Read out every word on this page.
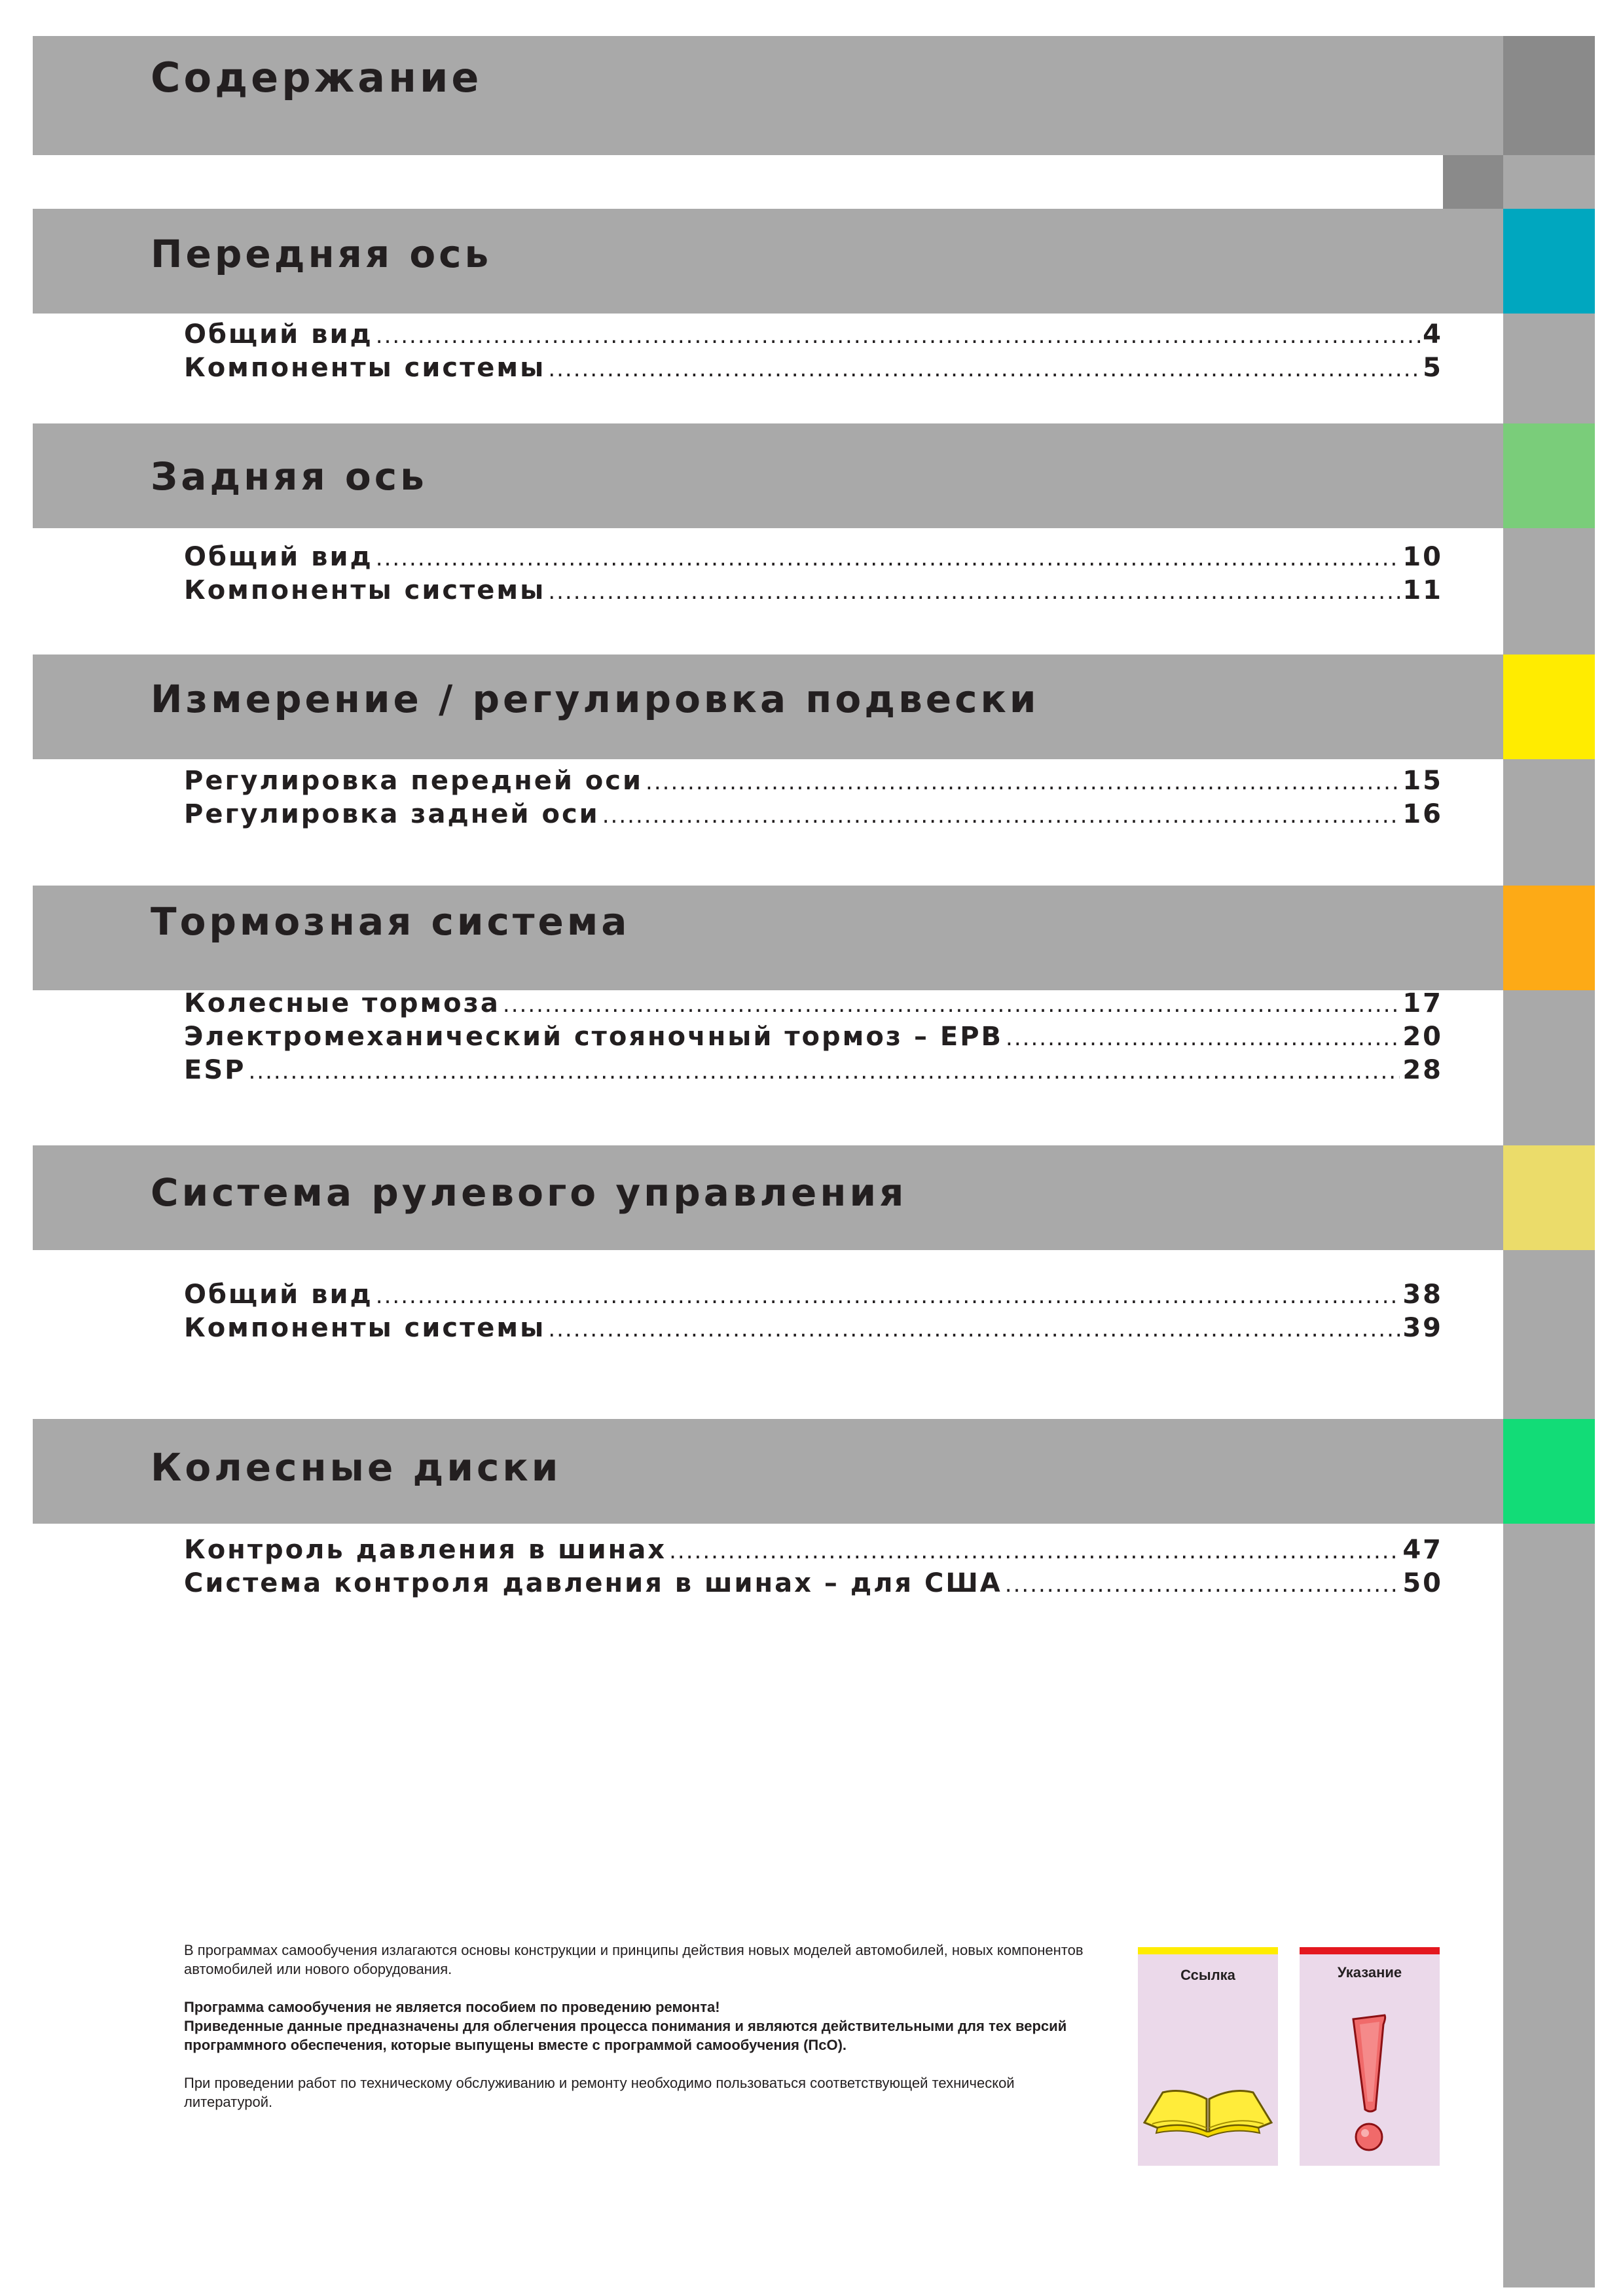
Содержание
Передняя ось
Общий вид .....	4
Компоненты системы .....	5
Задняя ось
Общий вид .....	10
Компоненты системы .....	11
Измерение / регулировка подвески
Регулировка передней оси .....	15
Регулировка задней оси .....	16
Тормозная система
Колесные тормоза .....	17
Электромеханический стояночный тормоз – EPB .....	20
ESP .....	28
Система рулевого управления
Общий вид .....	38
Компоненты системы .....	39
Колесные диски
Контроль давления в шинах .....	47
Система контроля давления в шинах – для США .....	50

В программах самообучения излагаются основы конструкции и принципы действия новых моделей автомобилей, новых компонентов автомобилей или нового оборудования.

Программа самообучения не является пособием по проведению ремонта!
Приведенные данные предназначены для облегчения процесса понимания и являются действительными для тех версий программного обеспечения, которые выпущены вместе с программой самообучения (ПсО).

При проведении работ по техническому обслуживанию и ремонту необходимо пользоваться соответствующей технической литературой.

Ссылка	Указание
